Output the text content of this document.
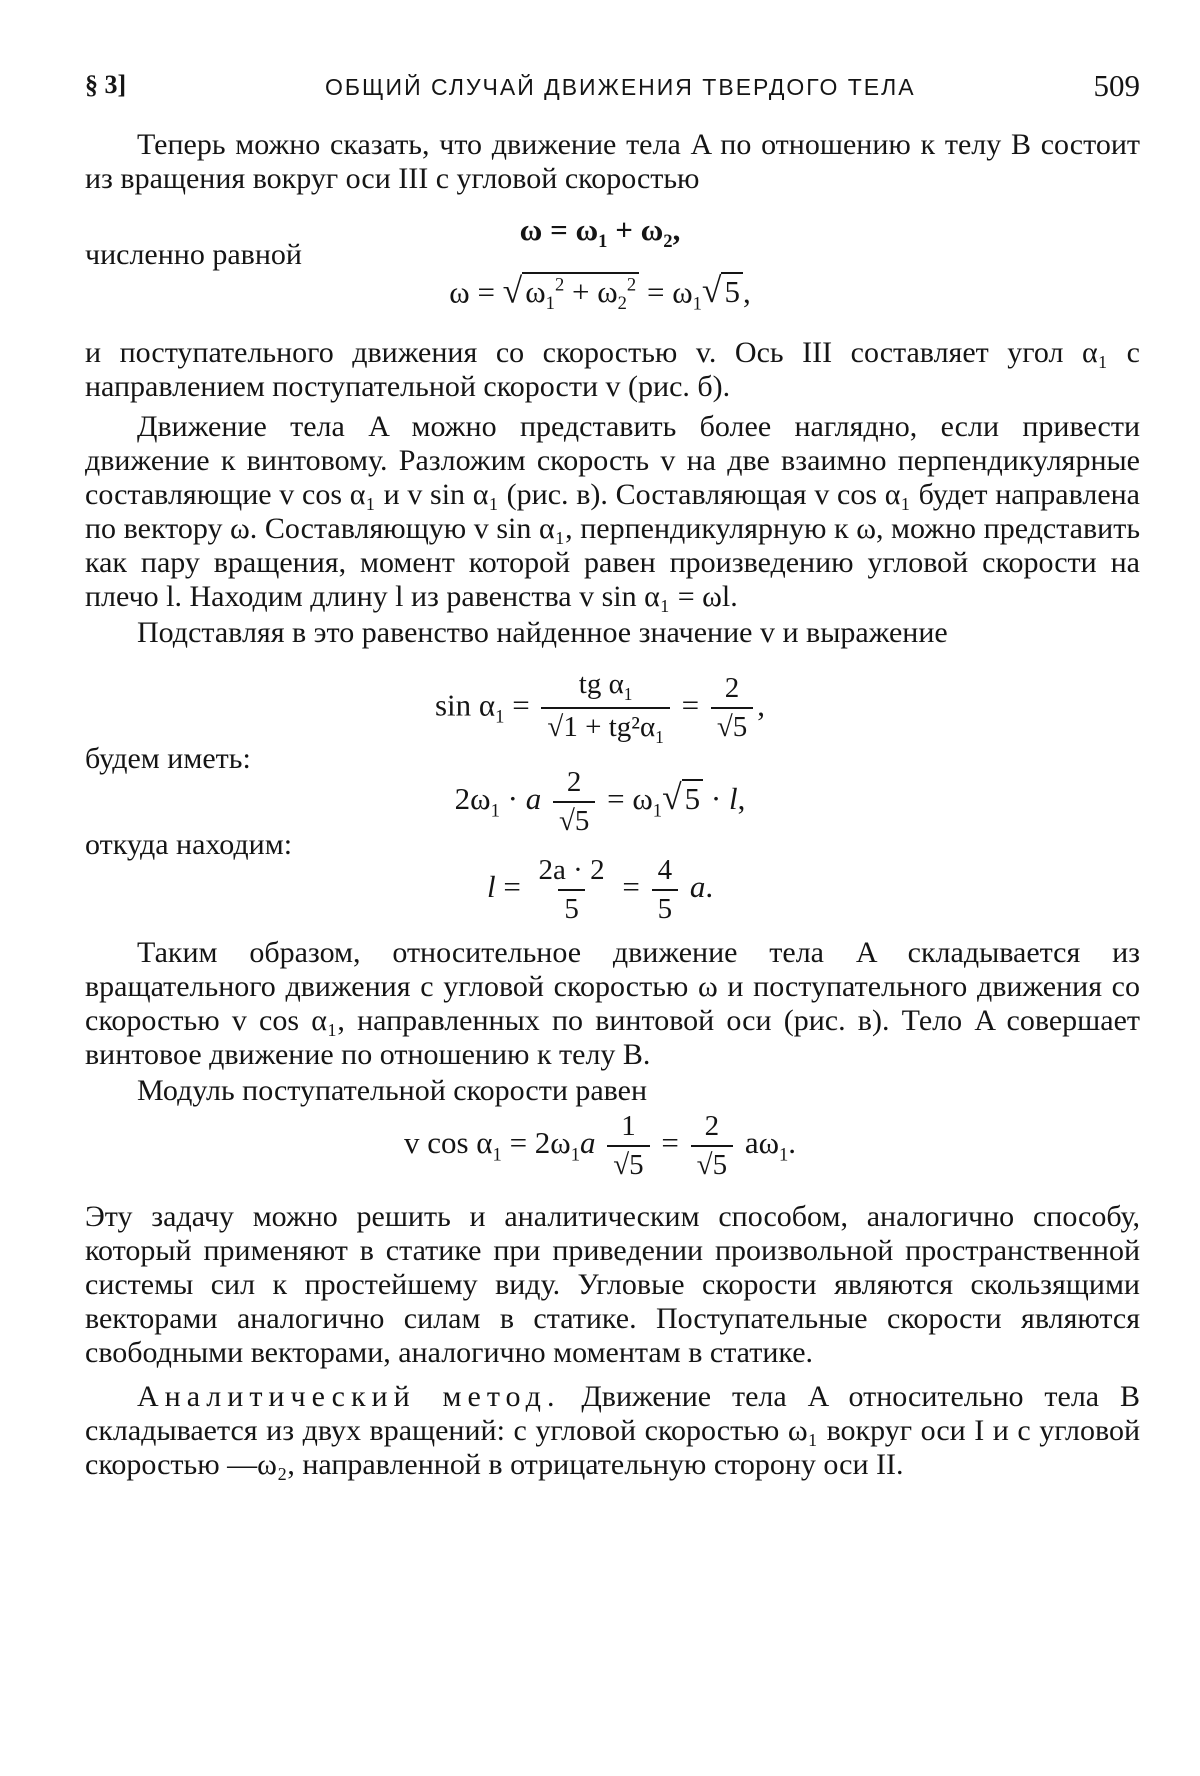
§ 3]	ОБЩИЙ СЛУЧАЙ ДВИЖЕНИЯ ТВЕРДОГО ТЕЛА	509
Теперь можно сказать, что движение тела A по отношению к телу B состоит из вращения вокруг оси III с угловой скоростью
$\omega = \omega_1 + \omega_2$,
численно равной
$\omega = √\omega_1^2 + \omega_2^2 = \omega_1√5$,
и поступательного движения со скоростью v. Ось III составляет угол α₁ с направлением поступательной скорости v (рис. б).
Движение тела A можно представить более наглядно, если привести движение к винтовому. Разложим скорость v на две взаимно перпендикулярные составляющие v cos α₁ и v sin α₁ (рис. в). Составляющая v cos α₁ будет направлена по вектору ω. Составляющую v sin α₁, перпендикулярную к ω, можно представить как пару вращения, момент которой равен произведению угловой скорости на плечо l. Находим длину l из равенства v sin α₁ = ωl.
Подставляя в это равенство найденное значение v и выражение
$\sin \alpha_1 = \frac{tg \alpha_1}{√1 + tg^2\alpha_1} = \frac{2}{√5}$ ,
будем иметь:
$2\omega_1 \cdot a \frac{2}{√5} = \omega_1√5 \cdot l$,
откуда находим:
$l = \frac{2a \cdot 2}{5} = \frac{4}{5} a$.
Таким образом, относительное движение тела A складывается из вращательного движения с угловой скоростью ω и поступательного движения со скоростью v cos α₁, направленных по винтовой оси (рис. в). Тело A совершает винтовое движение по отношению к телу B.
Модуль поступательной скорости равен
v $\cos \alpha_1 = 2\omega_1a \frac{1}{√5} = \frac{2}{√5} a\omega_1$.
Эту задачу можно решить и аналитическим способом, аналогично способу, который применяют в статике при приведении произвольной пространственной системы сил к простейшему виду. Угловые скорости являются скользящими векторами аналогично силам в статике. Поступательные скорости являются свободными векторами, аналогично моментам в статике.
Аналитический метод. Движение тела A относительно тела B складывается из двух вращений: с угловой скоростью ω₁ вокруг оси I и с угловой скоростью —ω₂, направленной в отрицательную сторону оси II.
